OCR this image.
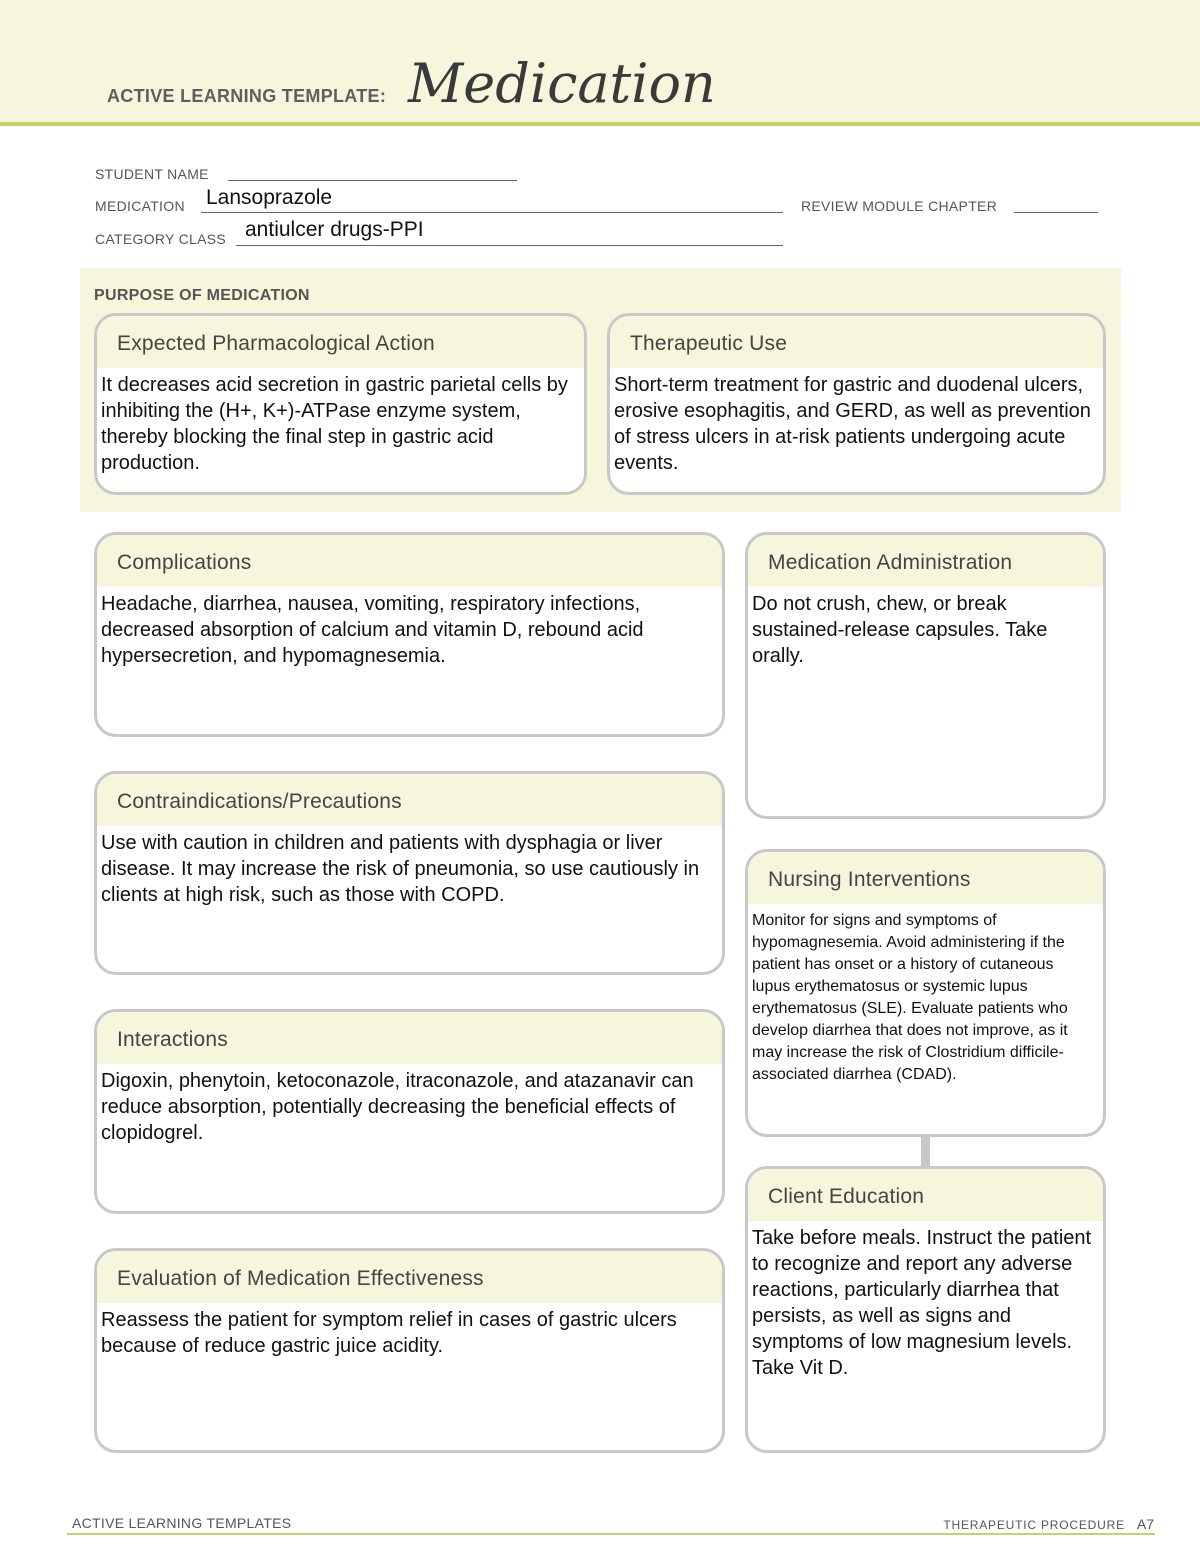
ACTIVE LEARNING TEMPLATE: Medication
STUDENT NAME
MEDICATION Lansoprazole	REVIEW MODULE CHAPTER
CATEGORY CLASS antiulcer drugs-PPI
PURPOSE OF MEDICATION
Expected Pharmacological Action
It decreases acid secretion in gastric parietal cells by inhibiting the (H+, K+)-ATPase enzyme system, thereby blocking the final step in gastric acid production.
Therapeutic Use
Short-term treatment for gastric and duodenal ulcers, erosive esophagitis, and GERD, as well as prevention of stress ulcers in at-risk patients undergoing acute events.
Complications
Headache, diarrhea, nausea, vomiting, respiratory infections, decreased absorption of calcium and vitamin D, rebound acid hypersecretion, and hypomagnesemia.
Contraindications/Precautions
Use with caution in children and patients with dysphagia or liver disease. It may increase the risk of pneumonia, so use cautiously in clients at high risk, such as those with COPD.
Interactions
Digoxin, phenytoin, ketoconazole, itraconazole, and atazanavir can reduce absorption, potentially decreasing the beneficial effects of clopidogrel.
Evaluation of Medication Effectiveness
Reassess the patient for symptom relief in cases of gastric ulcers because of reduce gastric juice acidity.
Medication Administration
Do not crush, chew, or break sustained-release capsules. Take orally.
Nursing Interventions
Monitor for signs and symptoms of hypomagnesemia. Avoid administering if the patient has onset or a history of cutaneous lupus erythematosus or systemic lupus erythematosus (SLE). Evaluate patients who develop diarrhea that does not improve, as it may increase the risk of Clostridium difficile-associated diarrhea (CDAD).
Client Education
Take before meals. Instruct the patient to recognize and report any adverse reactions, particularly diarrhea that persists, as well as signs and symptoms of low magnesium levels. Take Vit D.
ACTIVE LEARNING TEMPLATES	THERAPEUTIC PROCEDURE A7
